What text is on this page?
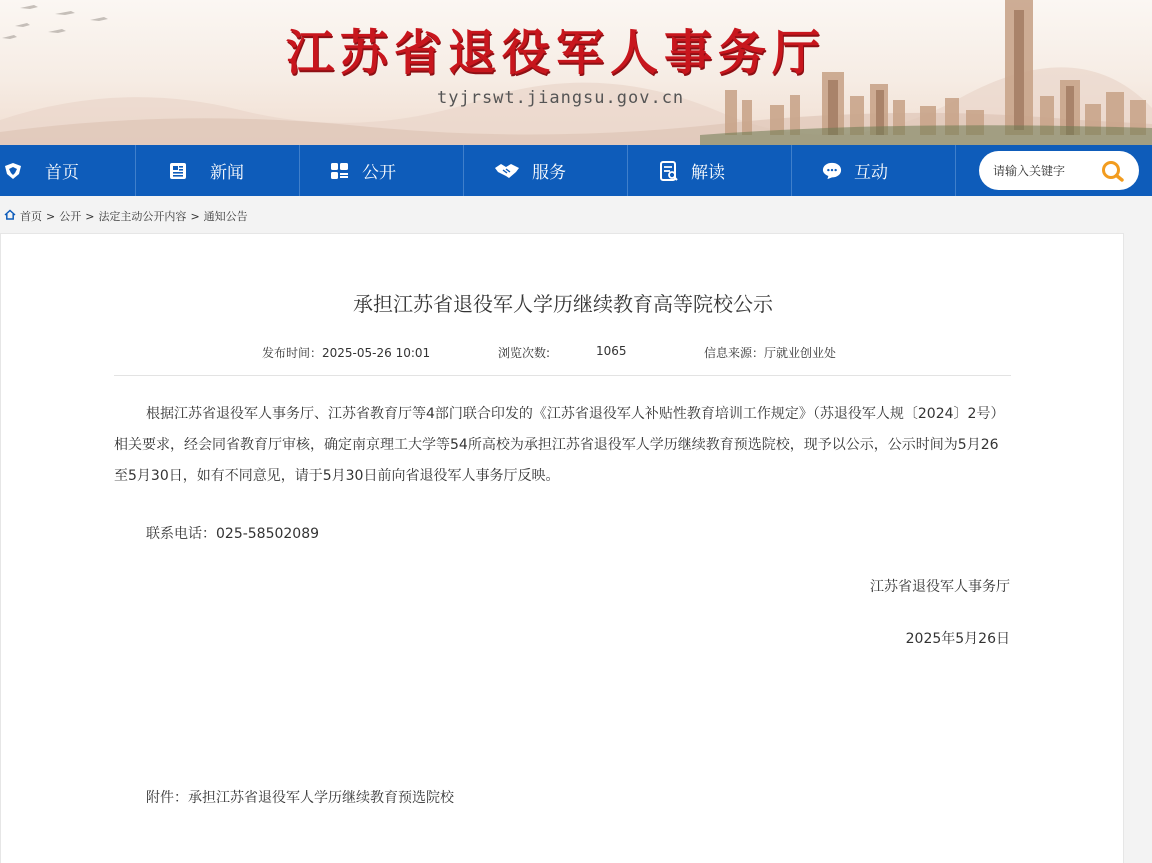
江苏省退役军人事务厅
tyjrswt.jiangsu.gov.cn
首页	新闻	公开	服务	解读	互动
请输入关键字
首页 > 公开 > 法定主动公开内容 > 通知公告
承担江苏省退役军人学历继续教育高等院校公示
发布时间：2025-05-26 10:01	浏览次数:	1065	信息来源：厅就业创业处

根据江苏省退役军人事务厅、江苏省教育厅等4部门联合印发的《江苏省退役军人补贴性教育培训工作规定》（苏退役军人规〔2024〕2号）相关要求，经会同省教育厅审核，确定南京理工大学等54所高校为承担江苏省退役军人学历继续教育预选院校，现予以公示，公示时间为5月26至5月30日，如有不同意见，请于5月30日前向省退役军人事务厅反映。

联系电话：025-58502089
江苏省退役军人事务厅
2025年5月26日
附件：承担江苏省退役军人学历继续教育预选院校
